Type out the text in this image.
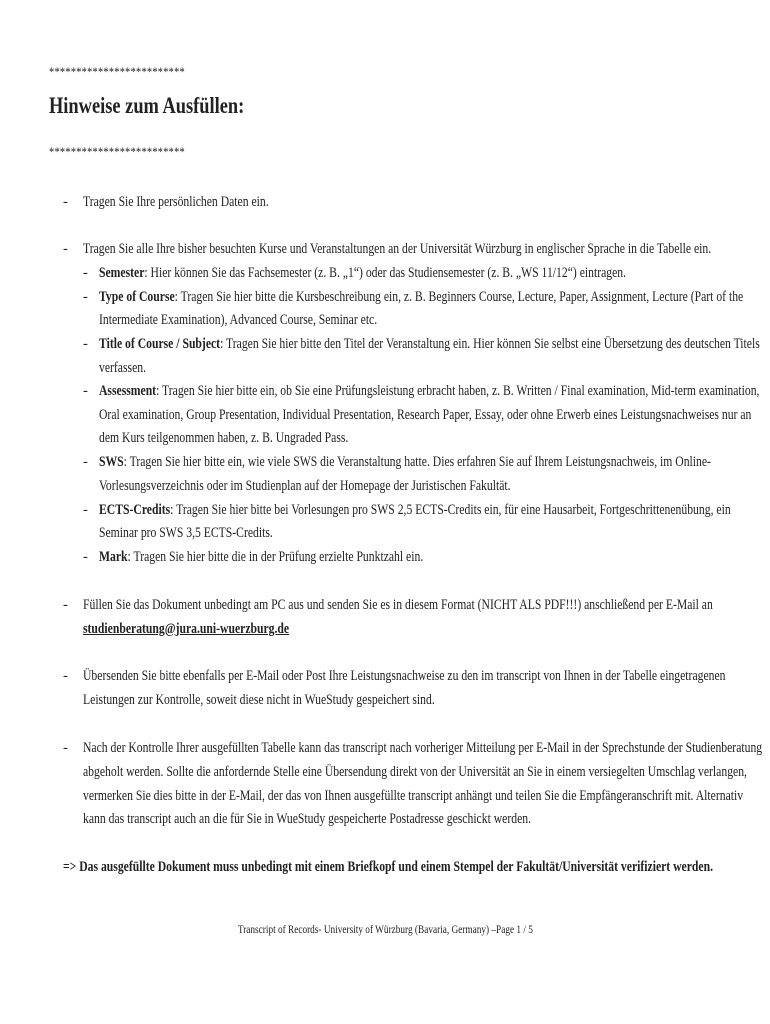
*************************
Hinweise zum Ausfüllen:
*************************
- Tragen Sie Ihre persönlichen Daten ein.
- Tragen Sie alle Ihre bisher besuchten Kurse und Veranstaltungen an der Universität Würzburg in englischer Sprache in die Tabelle ein.
- Semester: Hier können Sie das Fachsemester (z. B. „1“) oder das Studiensemester (z. B. „WS 11/12“) eintragen.
- Type of Course: Tragen Sie hier bitte die Kursbeschreibung ein, z. B. Beginners Course, Lecture, Paper, Assignment, Lecture (Part of the
Intermediate Examination), Advanced Course, Seminar etc.
- Title of Course / Subject: Tragen Sie hier bitte den Titel der Veranstaltung ein. Hier können Sie selbst eine Übersetzung des deutschen Titels
verfassen.
- Assessment: Tragen Sie hier bitte ein, ob Sie eine Prüfungsleistung erbracht haben, z. B. Written / Final examination, Mid-term examination,
Oral examination, Group Presentation, Individual Presentation, Research Paper, Essay, oder ohne Erwerb eines Leistungsnachweises nur an
dem Kurs teilgenommen haben, z. B. Ungraded Pass.
- SWS: Tragen Sie hier bitte ein, wie viele SWS die Veranstaltung hatte. Dies erfahren Sie auf Ihrem Leistungsnachweis, im Online-
Vorlesungsverzeichnis oder im Studienplan auf der Homepage der Juristischen Fakultät.
- ECTS-Credits: Tragen Sie hier bitte bei Vorlesungen pro SWS 2,5 ECTS-Credits ein, für eine Hausarbeit, Fortgeschrittenenübung, ein
Seminar pro SWS 3,5 ECTS-Credits.
- Mark: Tragen Sie hier bitte die in der Prüfung erzielte Punktzahl ein.
- Füllen Sie das Dokument unbedingt am PC aus und senden Sie es in diesem Format (NICHT ALS PDF!!!) anschließend per E-Mail an
studienberatung@jura.uni-wuerzburg.de
- Übersenden Sie bitte ebenfalls per E-Mail oder Post Ihre Leistungsnachweise zu den im transcript von Ihnen in der Tabelle eingetragenen
Leistungen zur Kontrolle, soweit diese nicht in WueStudy gespeichert sind.
- Nach der Kontrolle Ihrer ausgefüllten Tabelle kann das transcript nach vorheriger Mitteilung per E-Mail in der Sprechstunde der Studienberatung
abgeholt werden. Sollte die anfordernde Stelle eine Übersendung direkt von der Universität an Sie in einem versiegelten Umschlag verlangen,
vermerken Sie dies bitte in der E-Mail, der das von Ihnen ausgefüllte transcript anhängt und teilen Sie die Empfängeranschrift mit. Alternativ
kann das transcript auch an die für Sie in WueStudy gespeicherte Postadresse geschickt werden.
=> Das ausgefüllte Dokument muss unbedingt mit einem Briefkopf und einem Stempel der Fakultät/Universität verifiziert werden.
Transcript of Records- University of Würzburg (Bavaria, Germany) –Page 1 / 5
